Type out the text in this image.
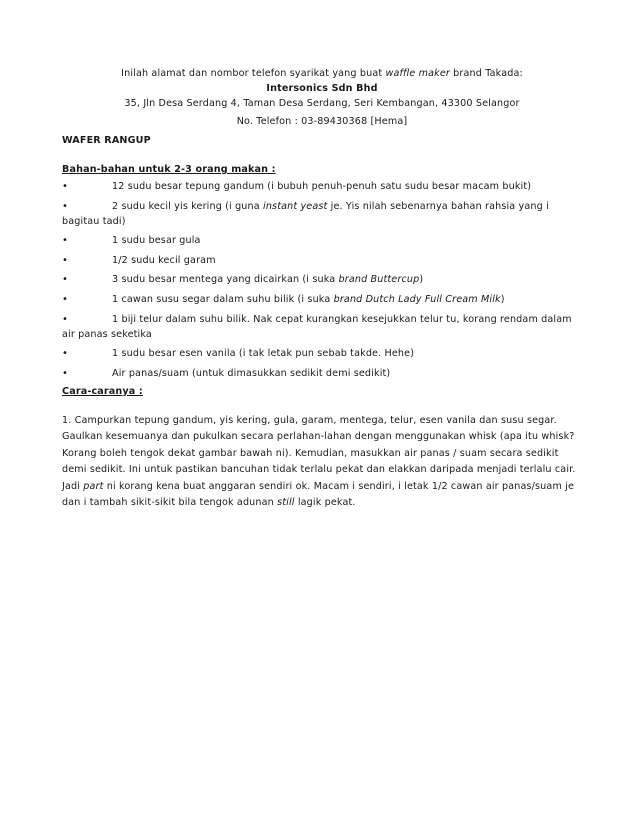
Inilah alamat dan nombor telefon syarikat yang buat waffle maker brand Takada:
Intersonics Sdn Bhd
35, Jln Desa Serdang 4, Taman Desa Serdang, Seri Kembangan, 43300 Selangor
No. Telefon : 03-89430368 [Hema]
WAFER RANGUP
Bahan-bahan untuk 2-3 orang makan :
•	12 sudu besar tepung gandum (i bubuh penuh-penuh satu sudu besar macam bukit)
•	2 sudu kecil yis kering (i guna instant yeast je. Yis nilah sebenarnya bahan rahsia yang i bagitau tadi)
•	1 sudu besar gula
•	1/2 sudu kecil garam
•	3 sudu besar mentega yang dicairkan (i suka brand Buttercup)
•	1 cawan susu segar dalam suhu bilik (i suka brand Dutch Lady Full Cream Milk)
•	1 biji telur dalam suhu bilik. Nak cepat kurangkan kesejukkan telur tu, korang rendam dalam air panas seketika
•	1 sudu besar esen vanila (i tak letak pun sebab takde. Hehe)
•	Air panas/suam (untuk dimasukkan sedikit demi sedikit)
Cara-caranya :
1. Campurkan tepung gandum, yis kering, gula, garam, mentega, telur, esen vanila dan susu segar. Gaulkan kesemuanya dan pukulkan secara perlahan-lahan dengan menggunakan whisk (apa itu whisk? Korang boleh tengok dekat gambar bawah ni). Kemudian, masukkan air panas / suam secara sedikit demi sedikit. Ini untuk pastikan bancuhan tidak terlalu pekat dan elakkan daripada menjadi terlalu cair. Jadi part ni korang kena buat anggaran sendiri ok. Macam i sendiri, i letak 1/2 cawan air panas/suam je dan i tambah sikit-sikit bila tengok adunan still lagik pekat.
